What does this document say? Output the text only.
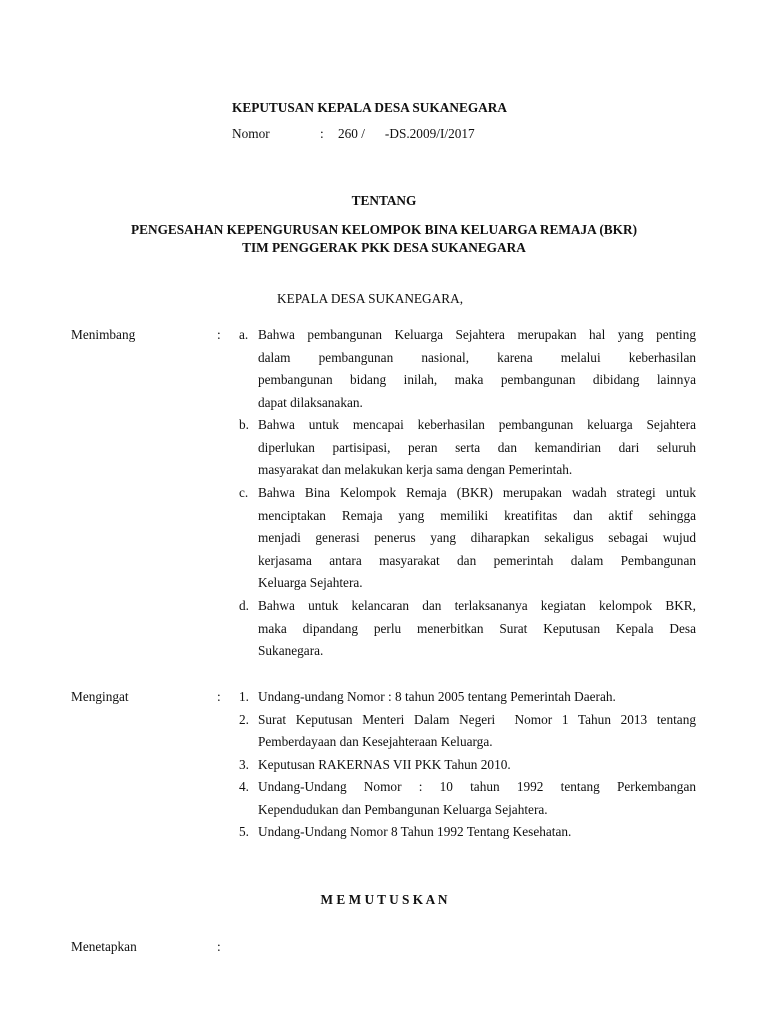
KEPUTUSAN KEPALA DESA SUKANEGARA
Nomor	: 260 /      -DS.2009/I/2017
TENTANG
PENGESAHAN KEPENGURUSAN KELOMPOK BINA KELUARGA REMAJA (BKR)
TIM PENGGERAK PKK DESA SUKANEGARA
KEPALA DESA SUKANEGARA,
Menimbang	: a. Bahwa pembangunan Keluarga Sejahtera merupakan hal yang penting
dalam pembangunan nasional, karena melalui keberhasilan
pembangunan bidang inilah, maka pembangunan dibidang lainnya
dapat dilaksanakan.
b. Bahwa untuk mencapai keberhasilan pembangunan keluarga Sejahtera
diperlukan partisipasi, peran serta dan kemandirian dari seluruh
masyarakat dan melakukan kerja sama dengan Pemerintah.
c. Bahwa Bina Kelompok Remaja (BKR) merupakan wadah strategi untuk
menciptakan Remaja yang memiliki kreatifitas dan aktif sehingga
menjadi generasi penerus yang diharapkan sekaligus sebagai wujud
kerjasama antara masyarakat dan pemerintah dalam Pembangunan
Keluarga Sejahtera.
d. Bahwa untuk kelancaran dan terlaksananya kegiatan kelompok BKR,
maka dipandang perlu menerbitkan Surat Keputusan Kepala Desa
Sukanegara.
Mengingat	: 1. Undang-undang Nomor : 8 tahun 2005 tentang Pemerintah Daerah.
2. Surat Keputusan Menteri Dalam Negeri  Nomor 1 Tahun 2013 tentang
Pemberdayaan dan Kesejahteraan Keluarga.
3. Keputusan RAKERNAS VII PKK Tahun 2010.
4. Undang-Undang Nomor : 10 tahun 1992 tentang Perkembangan
Kependudukan dan Pembangunan Keluarga Sejahtera.
5. Undang-Undang Nomor 8 Tahun 1992 Tentang Kesehatan.
M E M U T U S K A N
Menetapkan	:
